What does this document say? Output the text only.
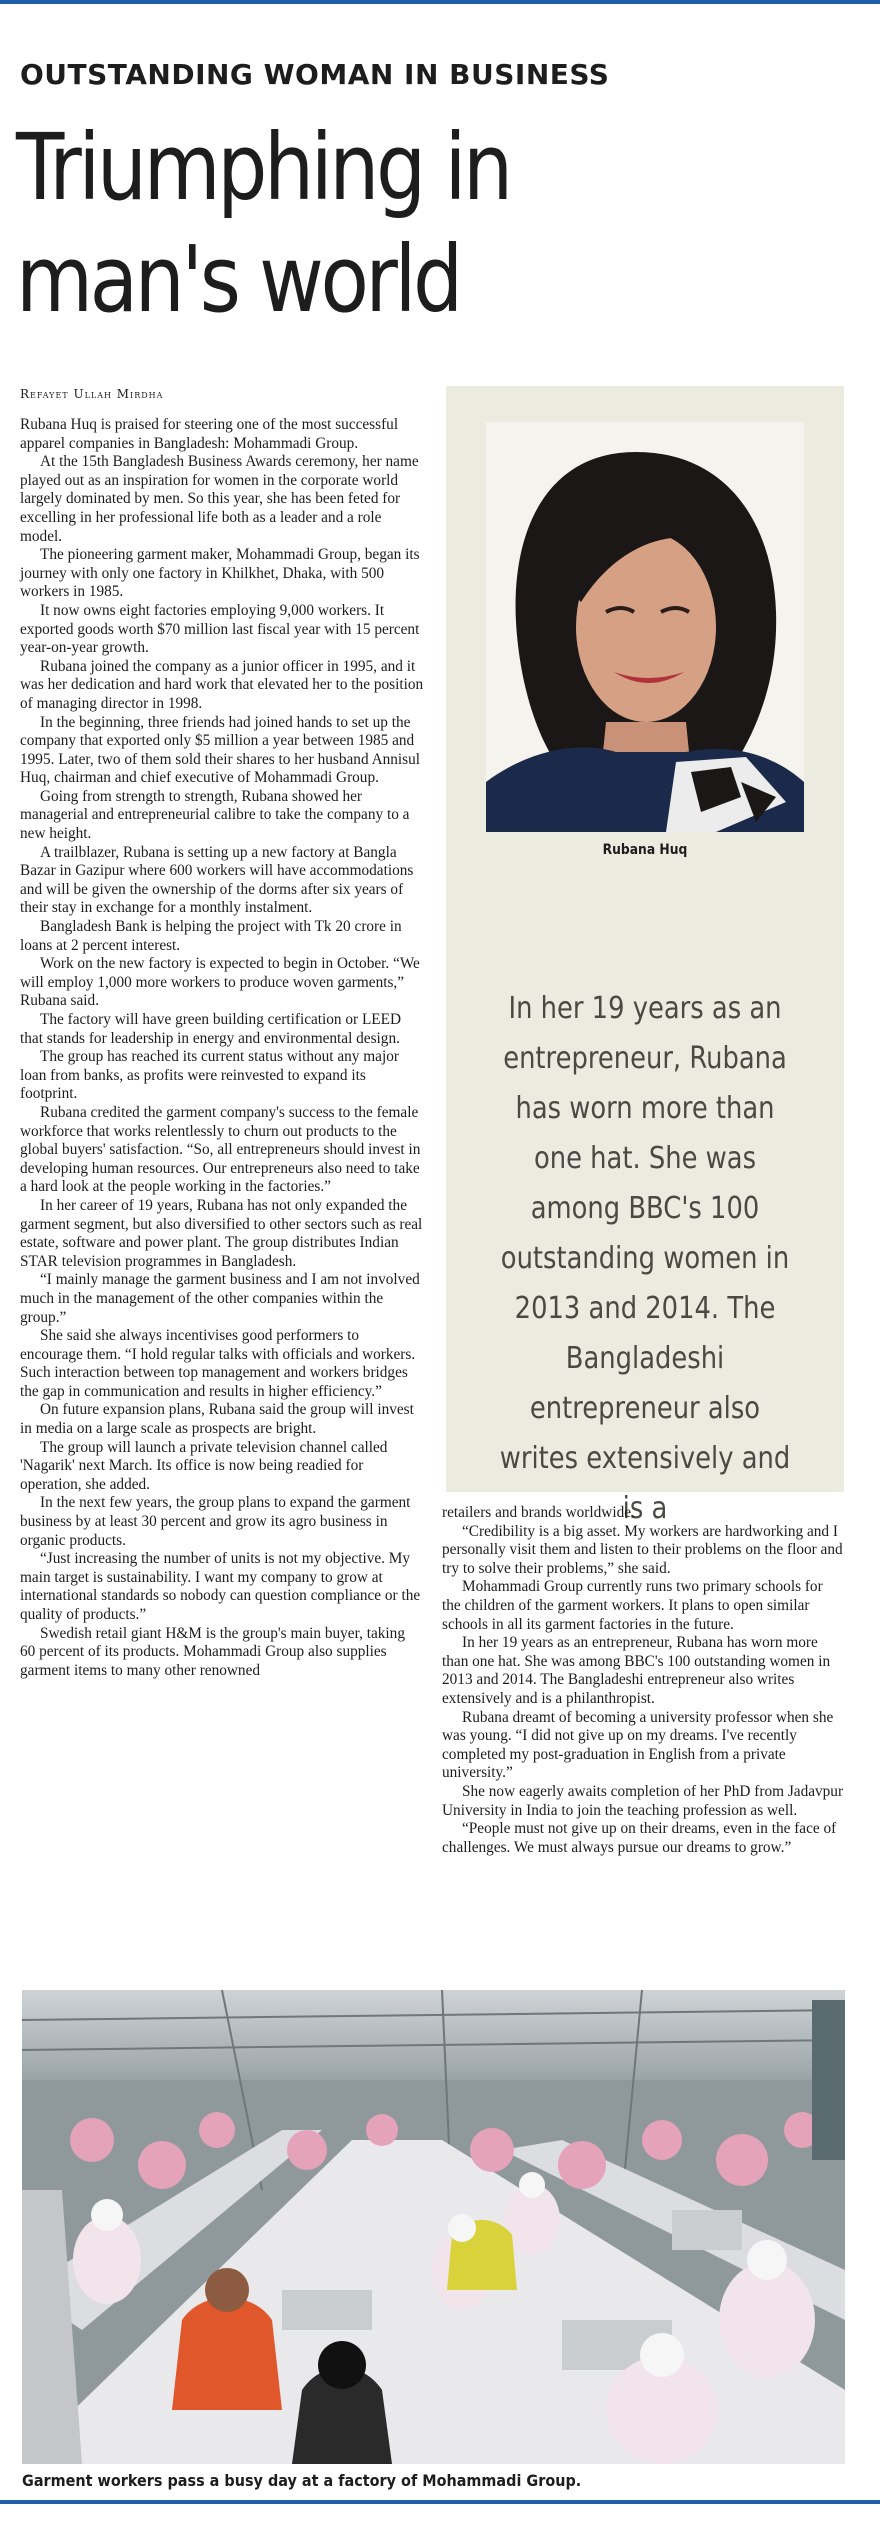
OUTSTANDING WOMAN IN BUSINESS
Triumphing in
man's world
Refayet Ullah Mirdha

Rubana Huq is praised for steering one of the most successful apparel companies in Bangladesh: Mohammadi Group.

At the 15th Bangladesh Business Awards ceremony, her name played out as an inspiration for women in the corporate world largely dominated by men. So this year, she has been feted for excelling in her professional life both as a leader and a role model.

The pioneering garment maker, Mohammadi Group, began its journey with only one factory in Khilkhet, Dhaka, with 500 workers in 1985.

It now owns eight factories employing 9,000 workers. It exported goods worth $70 million last fiscal year with 15 percent year-on-year growth.

Rubana joined the company as a junior officer in 1995, and it was her dedication and hard work that elevated her to the position of managing director in 1998.

In the beginning, three friends had joined hands to set up the company that exported only $5 million a year between 1985 and 1995. Later, two of them sold their shares to her husband Annisul Huq, chairman and chief executive of Mohammadi Group.

Going from strength to strength, Rubana showed her managerial and entrepreneurial calibre to take the company to a new height.

A trailblazer, Rubana is setting up a new factory at Bangla Bazar in Gazipur where 600 workers will have accommodations and will be given the ownership of the dorms after six years of their stay in exchange for a monthly instalment.

Bangladesh Bank is helping the project with Tk 20 crore in loans at 2 percent interest.

Work on the new factory is expected to begin in October. “We will employ 1,000 more workers to produce woven garments,” Rubana said.

The factory will have green building certification or LEED that stands for leadership in energy and environmental design.

The group has reached its current status without any major loan from banks, as profits were reinvested to expand its footprint.

Rubana credited the garment company's success to the female workforce that works relentlessly to churn out products to the global buyers' satisfaction. “So, all entrepreneurs should invest in developing human resources. Our entrepreneurs also need to take a hard look at the people working in the factories.”

In her career of 19 years, Rubana has not only expanded the garment segment, but also diversified to other sectors such as real estate, software and power plant. The group distributes Indian STAR television programmes in Bangladesh.

“I mainly manage the garment business and I am not involved much in the management of the other companies within the group.”

She said she always incentivises good performers to encourage them. “I hold regular talks with officials and workers. Such interaction between top management and workers bridges the gap in communication and results in higher efficiency.”

On future expansion plans, Rubana said the group will invest in media on a large scale as prospects are bright.

The group will launch a private television channel called 'Nagarik' next March. Its office is now being readied for operation, she added.

In the next few years, the group plans to expand the garment business by at least 30 percent and grow its agro business in organic products.

“Just increasing the number of units is not my objective. My main target is sustainability. I want my company to grow at international standards so nobody can question compliance or the quality of products.”

Swedish retail giant H&M is the group's main buyer, taking 60 percent of its products. Mohammadi Group also supplies garment items to many other renowned

Rubana Huq
In her 19 years as an entrepreneur, Rubana has worn more than one hat. She was among BBC's 100 outstanding women in 2013 and 2014. The Bangladeshi entrepreneur also writes extensively and is a

retailers and brands worldwide.

“Credibility is a big asset. My workers are hardworking and I personally visit them and listen to their problems on the floor and try to solve their problems,” she said.

Mohammadi Group currently runs two primary schools for the children of the garment workers. It plans to open similar schools in all its garment factories in the future.

In her 19 years as an entrepreneur, Rubana has worn more than one hat. She was among BBC's 100 outstanding women in 2013 and 2014. The Bangladeshi entrepreneur also writes extensively and is a philanthropist.

Rubana dreamt of becoming a university professor when she was young. “I did not give up on my dreams. I've recently completed my post-graduation in English from a private university.”

She now eagerly awaits completion of her PhD from Jadavpur University in India to join the teaching profession as well.

“People must not give up on their dreams, even in the face of challenges. We must always pursue our dreams to grow.”

Garment workers pass a busy day at a factory of Mohammadi Group.
